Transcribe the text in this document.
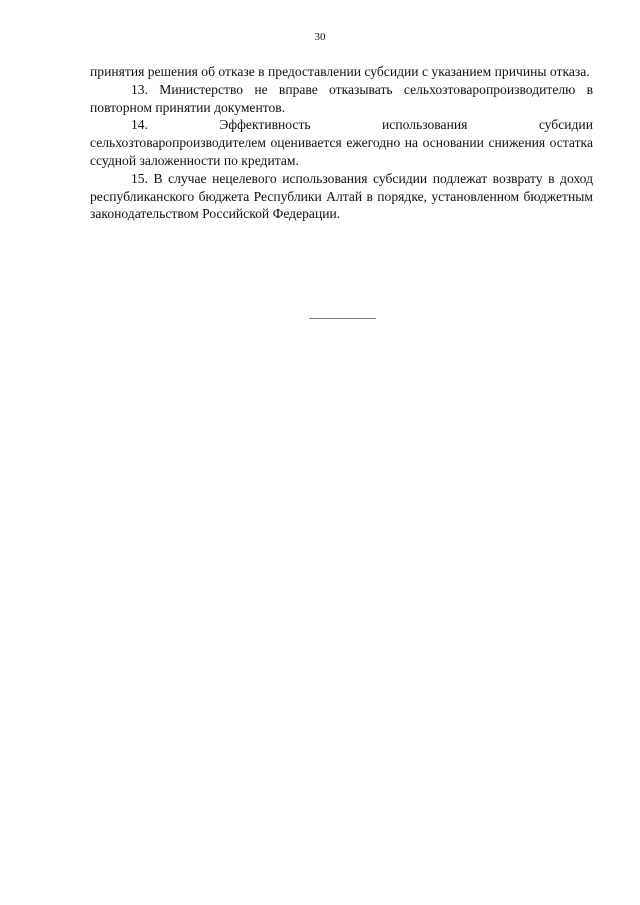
30

принятия решения об отказе в предоставлении субсидии с указанием причины отказа.

13. Министерство не вправе отказывать сельхозтоваропроизводителю в повторном принятии документов.

14.	Эффективность	использования	субсидии

сельхозтоваропроизводителем оценивается ежегодно на основании снижения остатка ссудной заложенности по кредитам.

15. В случае нецелевого использования субсидии подлежат возврату в доход республиканского бюджета Республики Алтай в порядке, установленном бюджетным законодательством Российской Федерации.
